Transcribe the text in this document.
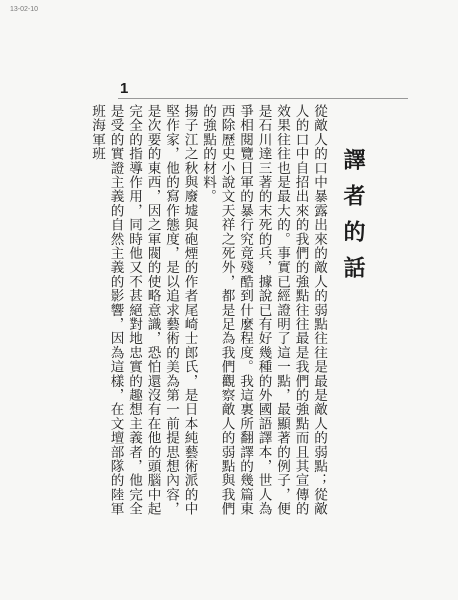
13-02-10
1
譯者的話

從敵人的口中暴露出來的敵人的弱點往往是最是敵人的弱點；從敵人的口中自招出來的我們的強點往往最是我們的強點而且其宣傳的效果往往也是最大的。事實已經證明了這一點，最顯著的例子，便是石川達三著的末死的兵，據說已有好幾種的外國語譯本，世人為爭相閱覽日軍的暴行究竟殘酷到什麼程度。我這裏所翻譯的幾篇東西除歷史小說文天祥之死外，都是足為我們觀察敵人的弱點與我們的強點的材料。

揚子江之秋與廢墟與砲煙的作者尾崎士郎氏，是日本純藝術派的中堅作家，他的寫作態度，是以追求藝術的美為第一前提思想內容，是次要的東西，因之軍閥的使略意識，恐怕還沒有在他的頭腦中起完全的指導作用，同時他又不甚絕對地忠實的趣想主義者，他完全是受的實證主義的自然主義的影響，因為這樣，在文壇部隊的陸軍班海軍班
